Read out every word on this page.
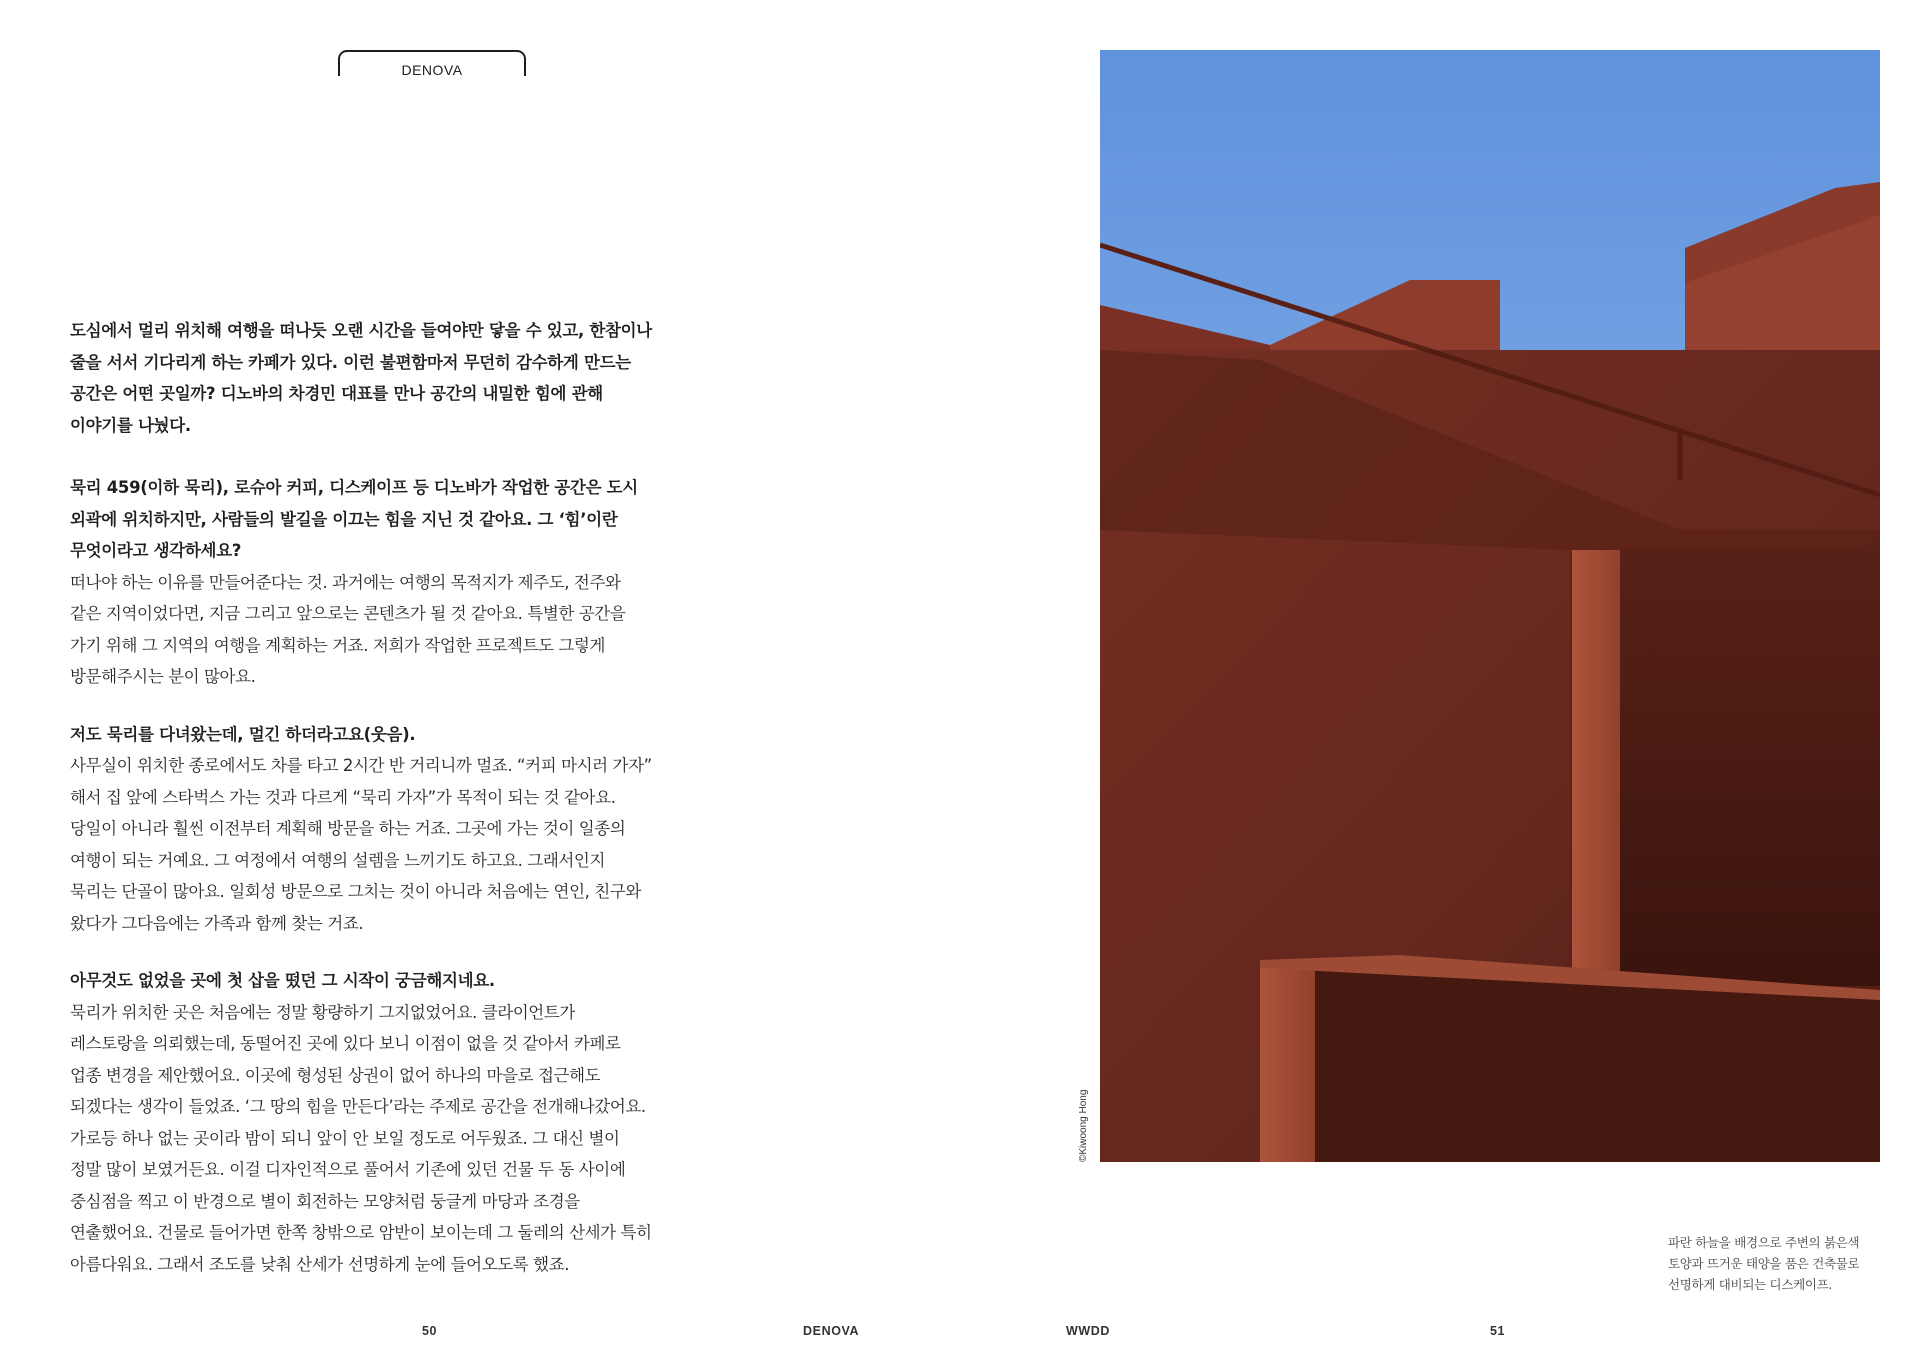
DENOVA

도심에서 멀리 위치해 여행을 떠나듯 오랜 시간을 들여야만 닿을 수 있고, 한참이나
줄을 서서 기다리게 하는 카페가 있다. 이런 불편함마저 무던히 감수하게 만드는
공간은 어떤 곳일까? 디노바의 차경민 대표를 만나 공간의 내밀한 힘에 관해
이야기를 나눴다.

묵리 459(이하 묵리), 로슈아 커피, 디스케이프 등 디노바가 작업한 공간은 도시
외곽에 위치하지만, 사람들의 발길을 이끄는 힘을 지닌 것 같아요. 그 ‘힘’이란
무엇이라고 생각하세요?

떠나야 하는 이유를 만들어준다는 것. 과거에는 여행의 목적지가 제주도, 전주와
같은 지역이었다면, 지금 그리고 앞으로는 콘텐츠가 될 것 같아요. 특별한 공간을
가기 위해 그 지역의 여행을 계획하는 거죠. 저희가 작업한 프로젝트도 그렇게
방문해주시는 분이 많아요.

저도 묵리를 다녀왔는데, 멀긴 하더라고요(웃음).

사무실이 위치한 종로에서도 차를 타고 2시간 반 거리니까 멀죠. “커피 마시러 가자”
해서 집 앞에 스타벅스 가는 것과 다르게 “묵리 가자”가 목적이 되는 것 같아요.
당일이 아니라 훨씬 이전부터 계획해 방문을 하는 거죠. 그곳에 가는 것이 일종의
여행이 되는 거예요. 그 여정에서 여행의 설렘을 느끼기도 하고요. 그래서인지
묵리는 단골이 많아요. 일회성 방문으로 그치는 것이 아니라 처음에는 연인, 친구와
왔다가 그다음에는 가족과 함께 찾는 거죠.

아무것도 없었을 곳에 첫 삽을 떴던 그 시작이 궁금해지네요.

묵리가 위치한 곳은 처음에는 정말 황량하기 그지없었어요. 클라이언트가
레스토랑을 의뢰했는데, 동떨어진 곳에 있다 보니 이점이 없을 것 같아서 카페로
업종 변경을 제안했어요. 이곳에 형성된 상권이 없어 하나의 마을로 접근해도
되겠다는 생각이 들었죠. ‘그 땅의 힘을 만든다’라는 주제로 공간을 전개해나갔어요.
가로등 하나 없는 곳이라 밤이 되니 앞이 안 보일 정도로 어두웠죠. 그 대신 별이
정말 많이 보였거든요. 이걸 디자인적으로 풀어서 기존에 있던 건물 두 동 사이에
중심점을 찍고 이 반경으로 별이 회전하는 모양처럼 둥글게 마당과 조경을
연출했어요. 건물로 들어가면 한쪽 창밖으로 암반이 보이는데 그 둘레의 산세가 특히
아름다워요. 그래서 조도를 낮춰 산세가 선명하게 눈에 들어오도록 했죠.

50	DENOVA
©Kiwoong Hong
파란 하늘을 배경으로 주변의 붉은색
토양과 뜨거운 태양을 품은 건축물로
선명하게 대비되는 디스케이프.
WWDD	51
